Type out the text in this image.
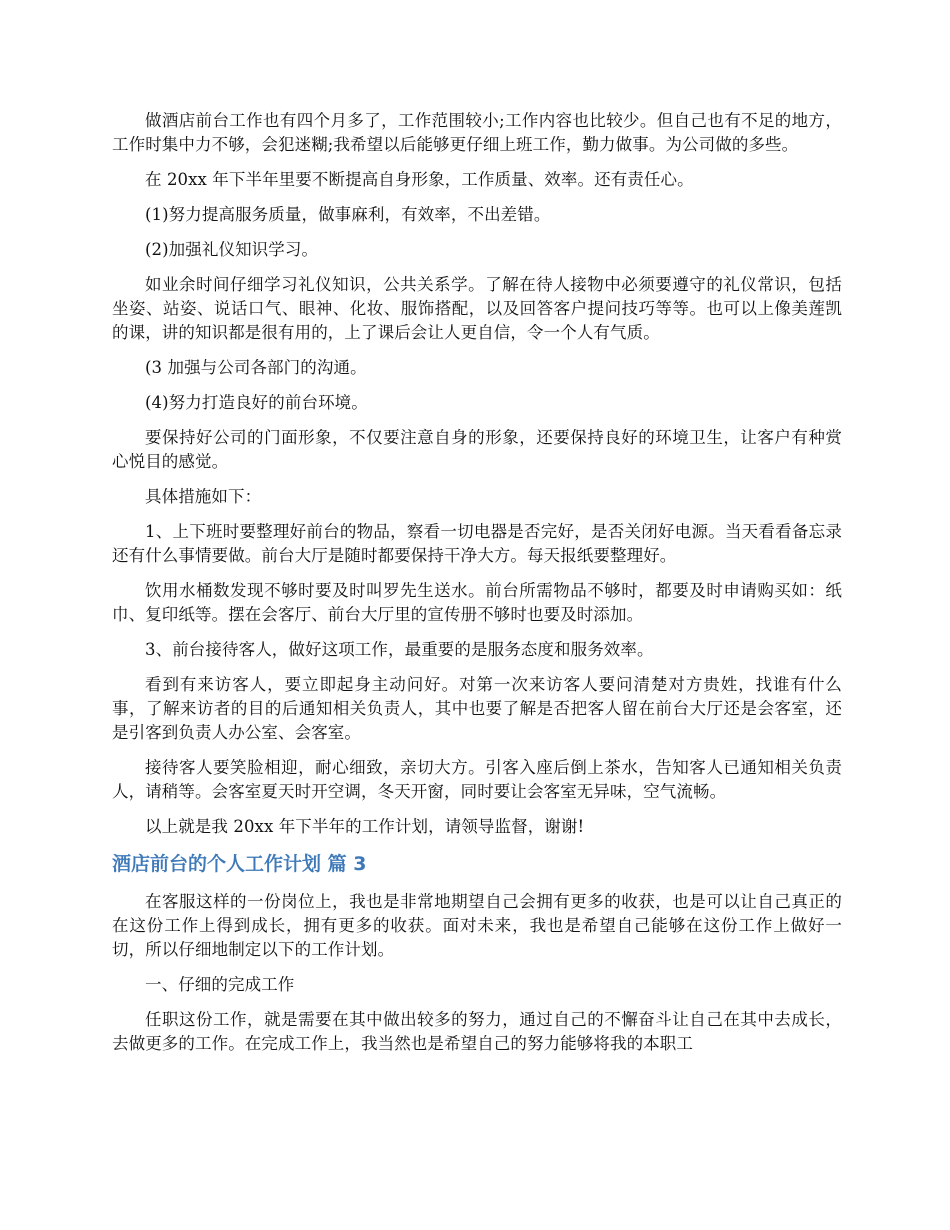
做酒店前台工作也有四个月多了，工作范围较小;工作内容也比较少。但自己也有不足的地方，工作时集中力不够，会犯迷糊;我希望以后能够更仔细上班工作，勤力做事。为公司做的多些。

在 20xx 年下半年里要不断提高自身形象，工作质量、效率。还有责任心。

(1)努力提高服务质量，做事麻利，有效率，不出差错。

(2)加强礼仪知识学习。

如业余时间仔细学习礼仪知识，公共关系学。了解在待人接物中必须要遵守的礼仪常识，包括坐姿、站姿、说话口气、眼神、化妆、服饰搭配，以及回答客户提问技巧等等。也可以上像美莲凯的课，讲的知识都是很有用的，上了课后会让人更自信，令一个人有气质。

(3 加强与公司各部门的沟通。

(4)努力打造良好的前台环境。

要保持好公司的门面形象，不仅要注意自身的形象，还要保持良好的环境卫生，让客户有种赏心悦目的感觉。

具体措施如下：

1、上下班时要整理好前台的物品，察看一切电器是否完好，是否关闭好电源。当天看看备忘录还有什么事情要做。前台大厅是随时都要保持干净大方。每天报纸要整理好。

饮用水桶数发现不够时要及时叫罗先生送水。前台所需物品不够时，都要及时申请购买如：纸巾、复印纸等。摆在会客厅、前台大厅里的宣传册不够时也要及时添加。

3、前台接待客人，做好这项工作，最重要的是服务态度和服务效率。

看到有来访客人，要立即起身主动问好。对第一次来访客人要问清楚对方贵姓，找谁有什么事，了解来访者的目的后通知相关负责人，其中也要了解是否把客人留在前台大厅还是会客室，还是引客到负责人办公室、会客室。

接待客人要笑脸相迎，耐心细致，亲切大方。引客入座后倒上茶水，告知客人已通知相关负责人，请稍等。会客室夏天时开空调，冬天开窗，同时要让会客室无异味，空气流畅。

以上就是我 20xx 年下半年的工作计划，请领导监督，谢谢!

酒店前台的个人工作计划 篇 3

在客服这样的一份岗位上，我也是非常地期望自己会拥有更多的收获，也是可以让自己真正的在这份工作上得到成长，拥有更多的收获。面对未来，我也是希望自己能够在这份工作上做好一切，所以仔细地制定以下的工作计划。

一、仔细的完成工作

任职这份工作，就是需要在其中做出较多的努力，通过自己的不懈奋斗让自己在其中去成长，去做更多的工作。在完成工作上，我当然也是希望自己的努力能够将我的本职工
